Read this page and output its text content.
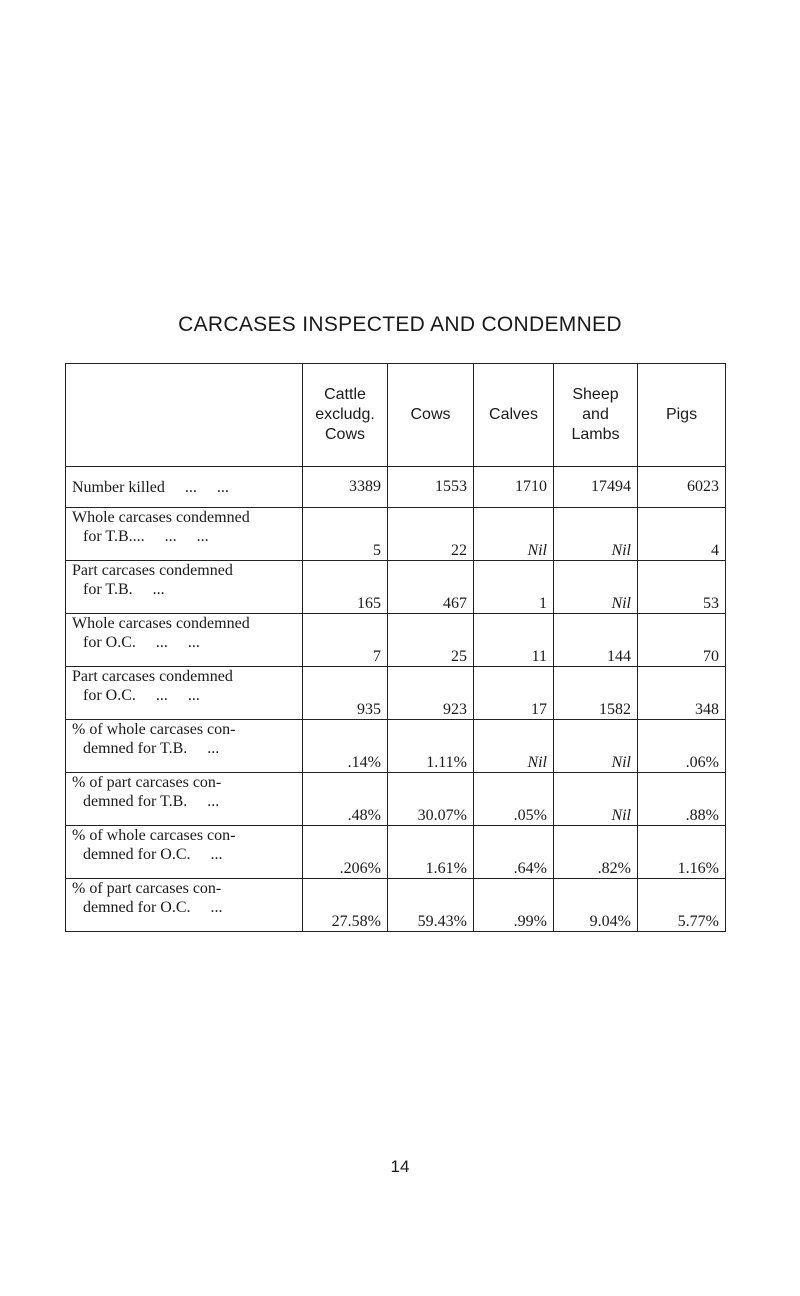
CARCASES INSPECTED AND CONDEMNED
	Cattle
excludg.
Cows	Cows	Calves	Sheep
and
Lambs	Pigs
Number killed     ...     ...	3389	1553	1710	17494	6023
Whole carcases condemned
for T.B....     ...     ...	5	22	Nil	Nil	4
Part carcases condemned
for T.B.     ...	165	467	1	Nil	53
Whole carcases condemned
for O.C.     ...     ...	7	25	11	144	70
Part carcases condemned
for O.C.     ...     ...	935	923	17	1582	348
% of whole carcases con-
demned for T.B.     ...	.14%	1.11%	Nil	Nil	.06%
% of part carcases con-
demned for T.B.     ...	.48%	30.07%	.05%	Nil	.88%
% of whole carcases con-
demned for O.C.     ...	.206%	1.61%	.64%	.82%	1.16%
% of part carcases con-
demned for O.C.     ...	27.58%	59.43%	.99%	9.04%	5.77%
14
